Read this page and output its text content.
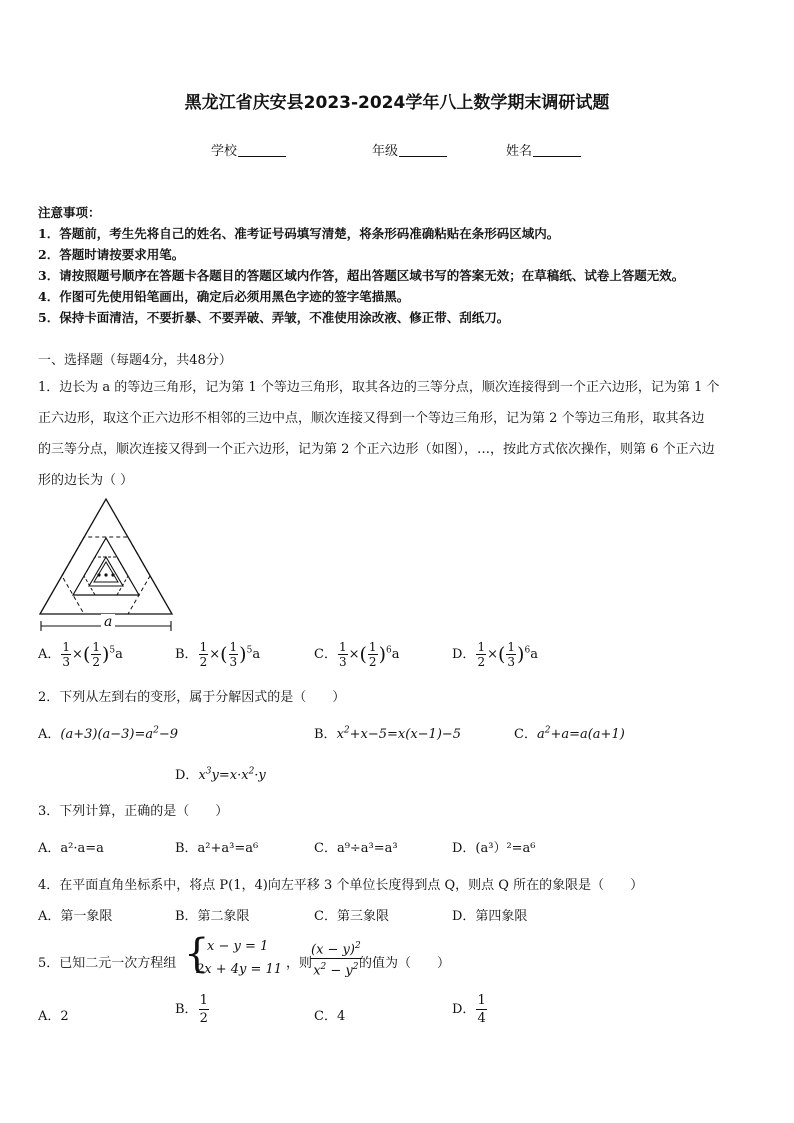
黑龙江省庆安县2023-2024学年八上数学期末调研试题
学校	年级	姓名
注意事项：
1．答题前，考生先将自己的姓名、准考证号码填写清楚，将条形码准确粘贴在条形码区域内。
2．答题时请按要求用笔。
3．请按照题号顺序在答题卡各题目的答题区域内作答，超出答题区域书写的答案无效；在草稿纸、试卷上答题无效。
4．作图可先使用铅笔画出，确定后必须用黑色字迹的签字笔描黑。
5．保持卡面清洁，不要折暴、不要弄破、弄皱，不准使用涂改液、修正带、刮纸刀。
一、选择题（每题4分，共48分）
1．边长为 a 的等边三角形，记为第 1 个等边三角形，取其各边的三等分点，顺次连接得到一个正六边形，记为第 1 个
正六边形，取这个正六边形不相邻的三边中点，顺次连接又得到一个等边三角形，记为第 2 个等边三角形，取其各边
的三等分点，顺次连接又得到一个正六边形，记为第 2 个正六边形（如图），…，按此方式依次操作，则第 6 个正六边
形的边长为（ ）
a
A． $\frac{1}{3}$ ×( $\frac{1}{2} )^5a$	B． $\frac{1}{2}$ ×( $\frac{1}{3} )^5a$	C． $\frac{1}{3}$ ×( $\frac{1}{2} )^6a$	D． $\frac{1}{2}$ ×( $\frac{1}{3} )^6a$
2．下列从左到右的变形，属于分解因式的是（　　）
A．$(a+3)(a-3)=a^2-9$	B．$x^2+x-5=x(x-1)-5$	C．$a^2+a=a(a+1)$
D．$x^3y=x\cdot x^2\cdot y$
3．下列计算，正确的是（　　）
A．a²·a=a	B．a²+a³=a⁶	C．a⁹÷a³=a³	D．(a³）²=a⁶
4．在平面直角坐标系中，将点 P(1，4)向左平移 3 个单位长度得到点 Q，则点 Q 所在的象限是（　　）
A．第一象限	B．第二象限	C．第三象限	D．第四象限
5．已知二元一次方程组 {
x − y = 1
2x + 4y = 11 ，则
$\frac{(x - y)^2}{x^2 - y^2}$
的值为（　　）
A．2	B． $\frac{1}{2}$	C．4	D． $\frac{1}{4}$
